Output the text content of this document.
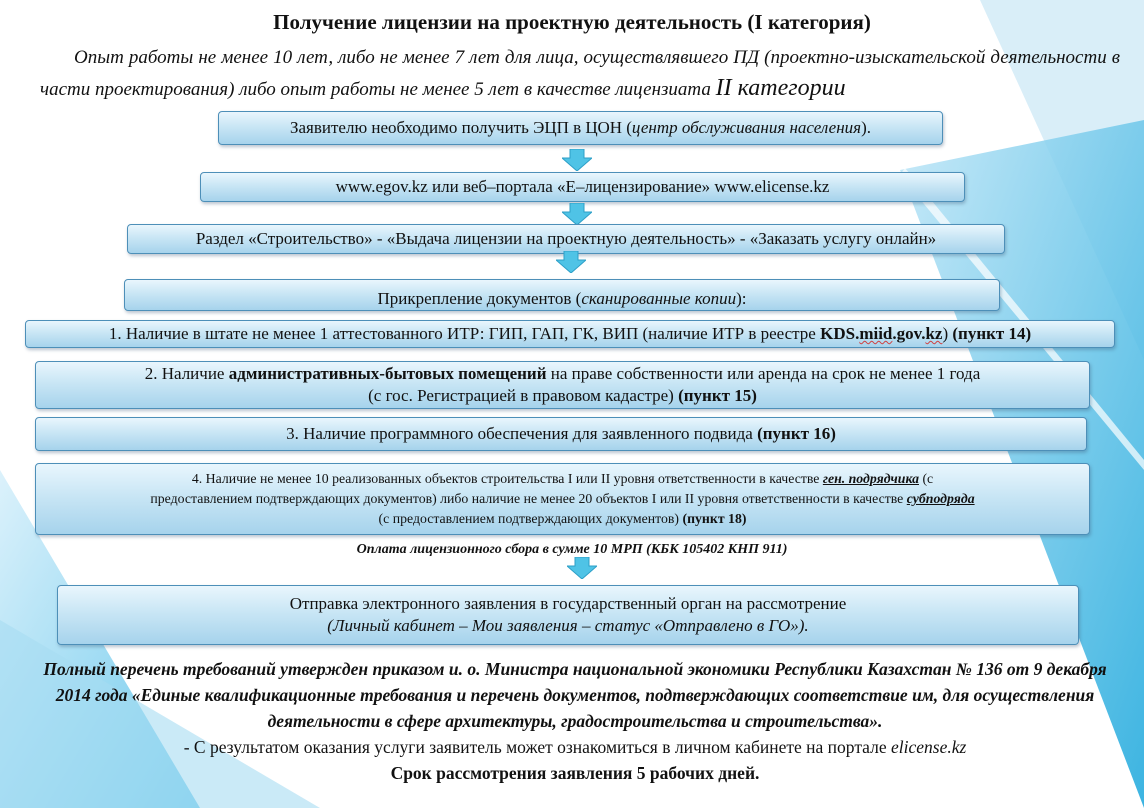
Получение лицензии на проектную деятельность (I категория)
Опыт работы не менее 10 лет, либо не менее 7 лет для лица, осуществлявшего ПД (проектно-изыскательской деятельности в части проектирования) либо опыт работы не менее 5 лет в качестве лицензиата II категории
Заявителю необходимо получить ЭЦП в ЦОН (центр обслуживания населения).
www.egov.kz или веб–портала «Е–лицензирование» www.elicense.kz
Раздел «Строительство» - «Выдача лицензии на проектную деятельность» - «Заказать услугу онлайн»
Прикрепление документов (сканированные копии):
1. Наличие в штате не менее 1 аттестованного ИТР: ГИП, ГАП, ГК, ВИП (наличие ИТР в реестре KDS.miid.gov.kz) (пункт 14)
2. Наличие административных-бытовых помещений на праве собственности или аренда на срок не менее 1 года
(с гос. Регистрацией в правовом кадастре) (пункт 15)
3. Наличие программного обеспечения для заявленного подвида (пункт 16)
4. Наличие не менее 10 реализованных объектов строительства I или II уровня ответственности в качестве ген. подрядчика (с
предоставлением подтверждающих документов) либо наличие не менее 20 объектов I или II уровня ответственности в качестве субподряда
(с предоставлением подтверждающих документов) (пункт 18)
Оплата лицензионного сбора в сумме 10 МРП (КБК 105402 КНП 911)
Отправка электронного заявления в государственный орган на рассмотрение
(Личный кабинет – Мои заявления – статус «Отправлено в ГО»).
Полный перечень требований утвержден приказом и. о. Министра национальной экономики Республики Казахстан № 136 от 9 декабря 2014 года «Единые квалификационные требования и перечень документов, подтверждающих соответствие им, для осуществления деятельности в сфере архитектуры, градостроительства и строительства».
- С результатом оказания услуги заявитель может ознакомиться в личном кабинете на портале elicense.kz
Срок рассмотрения заявления 5 рабочих дней.
